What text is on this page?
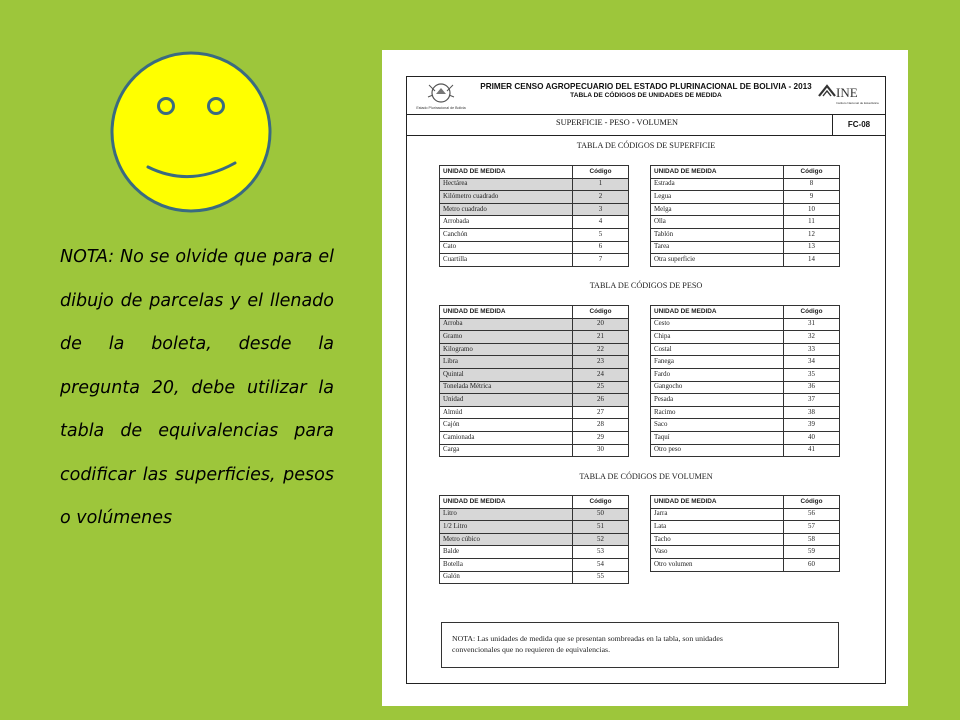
NOTA: No se olvide que para el dibujo de parcelas y el llenado de la boleta, desde la pregunta 20, debe utilizar la tabla de equivalencias para codificar las superficies, pesos o volúmenes
Estado Plurinacional de Bolivia
PRIMER CENSO AGROPECUARIO DEL ESTADO PLURINACIONAL DE BOLIVIA - 2013
TABLA DE CÓDIGOS DE UNIDADES DE MEDIDA	INE
Instituto Nacional de Estadística
SUPERFICIE - PESO - VOLUMEN	FC-08
TABLA DE CÓDIGOS DE SUPERFICIE
UNIDAD DE MEDIDA	Código
Hectárea	1
Kilómetro cuadrado	2
Metro cuadrado	3
Arrobada	4
Canchón	5
Cato	6
Cuartilla	7
UNIDAD DE MEDIDA	Código
Estrada	8
Legua	9
Melga	10
Olla	11
Tablón	12
Tarea	13
Otra superficie	14
TABLA DE CÓDIGOS DE PESO
UNIDAD DE MEDIDA	Código
Arroba	20
Gramo	21
Kilogramo	22
Libra	23
Quintal	24
Tonelada Métrica	25
Unidad	26
Almúd	27
Cajón	28
Camionada	29
Carga	30
UNIDAD DE MEDIDA	Código
Cesto	31
Chipa	32
Costal	33
Fanega	34
Fardo	35
Gangocho	36
Pesada	37
Racimo	38
Saco	39
Taquí	40
Otro peso	41
TABLA DE CÓDIGOS DE VOLUMEN
UNIDAD DE MEDIDA	Código
Litro	50
1/2 Litro	51
Metro cúbico	52
Balde	53
Botella	54
Galón	55
UNIDAD DE MEDIDA	Código
Jarra	56
Lata	57
Tacho	58
Vaso	59
Otro volumen	60
NOTA: Las unidades de medida que se presentan sombreadas en la tabla, son unidades
convencionales que no requieren de equivalencias.
